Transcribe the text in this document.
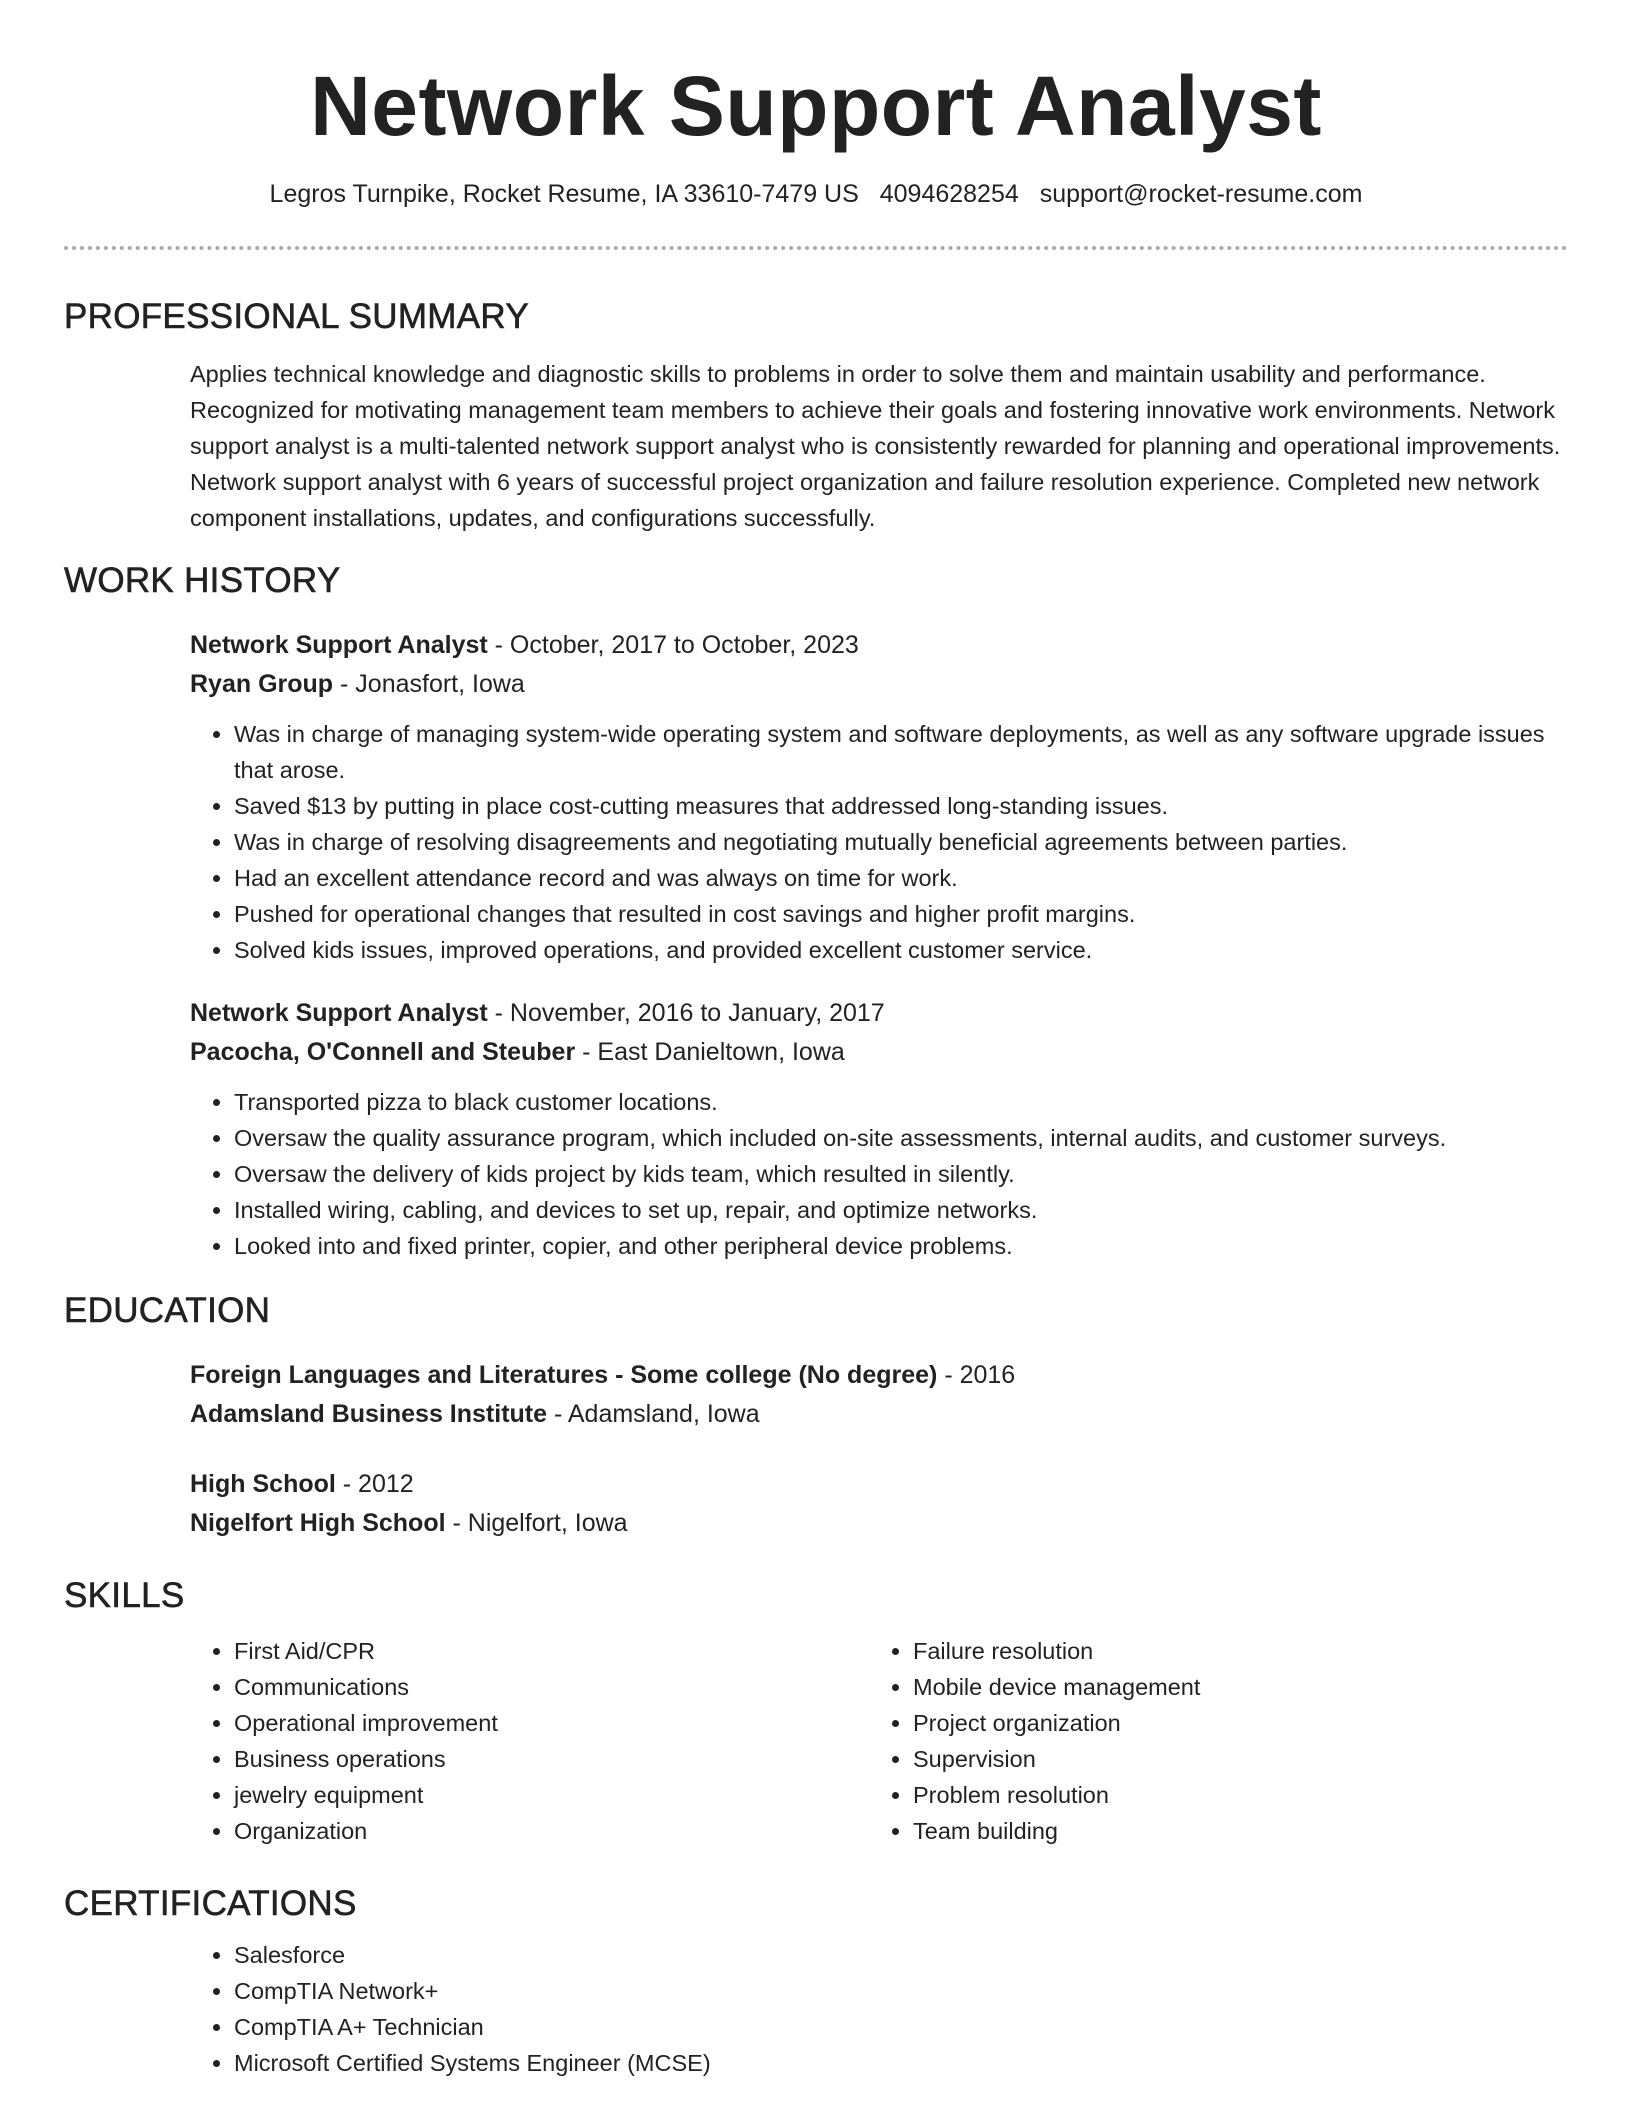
Network Support Analyst
Legros Turnpike, Rocket Resume, IA 33610-7479 US 4094628254 support@rocket-resume.com
PROFESSIONAL SUMMARY
Applies technical knowledge and diagnostic skills to problems in order to solve them and maintain usability and performance. Recognized for motivating management team members to achieve their goals and fostering innovative work environments. Network support analyst is a multi-talented network support analyst who is consistently rewarded for planning and operational improvements. Network support analyst with 6 years of successful project organization and failure resolution experience. Completed new network component installations, updates, and configurations successfully.
WORK HISTORY
Network Support Analyst - October, 2017 to October, 2023
Ryan Group - Jonasfort, Iowa
• Was in charge of managing system-wide operating system and software deployments, as well as any software upgrade issues that arose.
• Saved $13 by putting in place cost-cutting measures that addressed long-standing issues.
• Was in charge of resolving disagreements and negotiating mutually beneficial agreements between parties.
• Had an excellent attendance record and was always on time for work.
• Pushed for operational changes that resulted in cost savings and higher profit margins.
• Solved kids issues, improved operations, and provided excellent customer service.
Network Support Analyst - November, 2016 to January, 2017
Pacocha, O'Connell and Steuber - East Danieltown, Iowa
• Transported pizza to black customer locations.
• Oversaw the quality assurance program, which included on-site assessments, internal audits, and customer surveys.
• Oversaw the delivery of kids project by kids team, which resulted in silently.
• Installed wiring, cabling, and devices to set up, repair, and optimize networks.
• Looked into and fixed printer, copier, and other peripheral device problems.
EDUCATION
Foreign Languages and Literatures - Some college (No degree) - 2016
Adamsland Business Institute - Adamsland, Iowa
High School - 2012
Nigelfort High School - Nigelfort, Iowa
SKILLS
• First Aid/CPR
• Communications
• Operational improvement
• Business operations
• jewelry equipment
• Organization
• Failure resolution
• Mobile device management
• Project organization
• Supervision
• Problem resolution
• Team building
CERTIFICATIONS
• Salesforce
• CompTIA Network+
• CompTIA A+ Technician
• Microsoft Certified Systems Engineer (MCSE)
